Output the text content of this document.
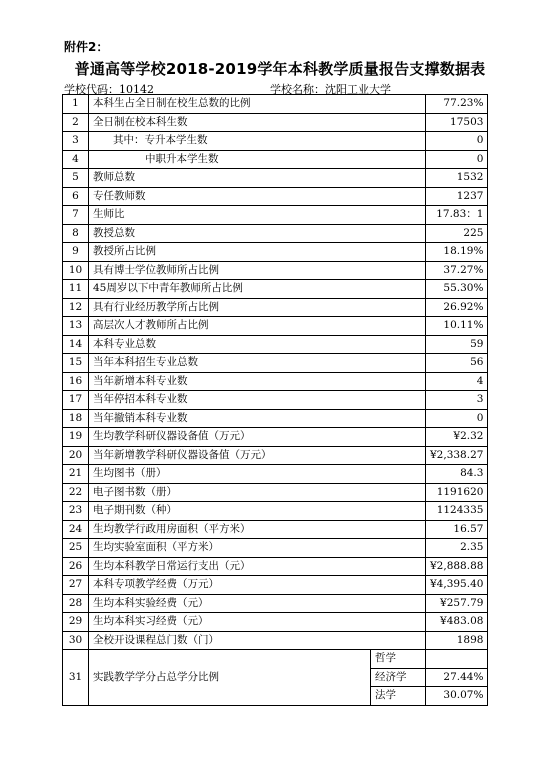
附件2：
普通高等学校2018-2019学年本科教学质量报告支撑数据表
学校代码：10142	学校名称：沈阳工业大学
1	本科生占全日制在校生总数的比例		77.23%
2	全日制在校本科生数		17503
3	其中：专升本学生数		0
4	中职升本学生数		0
5	教师总数		1532
6	专任教师数		1237
7	生师比		17.83：1
8	教授总数		225
9	教授所占比例		18.19%
10	具有博士学位教师所占比例		37.27%
11	45周岁以下中青年教师所占比例		55.30%
12	具有行业经历教学所占比例		26.92%
13	高层次人才教师所占比例		10.11%
14	本科专业总数		59
15	当年本科招生专业总数		56
16	当年新增本科专业数		4
17	当年停招本科专业数		3
18	当年撤销本科专业数		0
19	生均教学科研仪器设备值（万元）		¥2.32
20	当年新增教学科研仪器设备值（万元）		¥2,338.27
21	生均图书（册）		84.3
22	电子图书数（册）		1191620
23	电子期刊数（种）		1124335
24	生均教学行政用房面积（平方米）		16.57
25	生均实验室面积（平方米）		2.35
26	生均本科教学日常运行支出（元）		¥2,888.88
27	本科专项教学经费（万元）		¥4,395.40
28	生均本科实验经费（元）		¥257.79
29	生均本科实习经费（元）		¥483.08
30	全校开设课程总门数（门）		1898
31	实践教学学分占总学分比例	哲学	
		经济学	27.44%
		法学	30.07%
